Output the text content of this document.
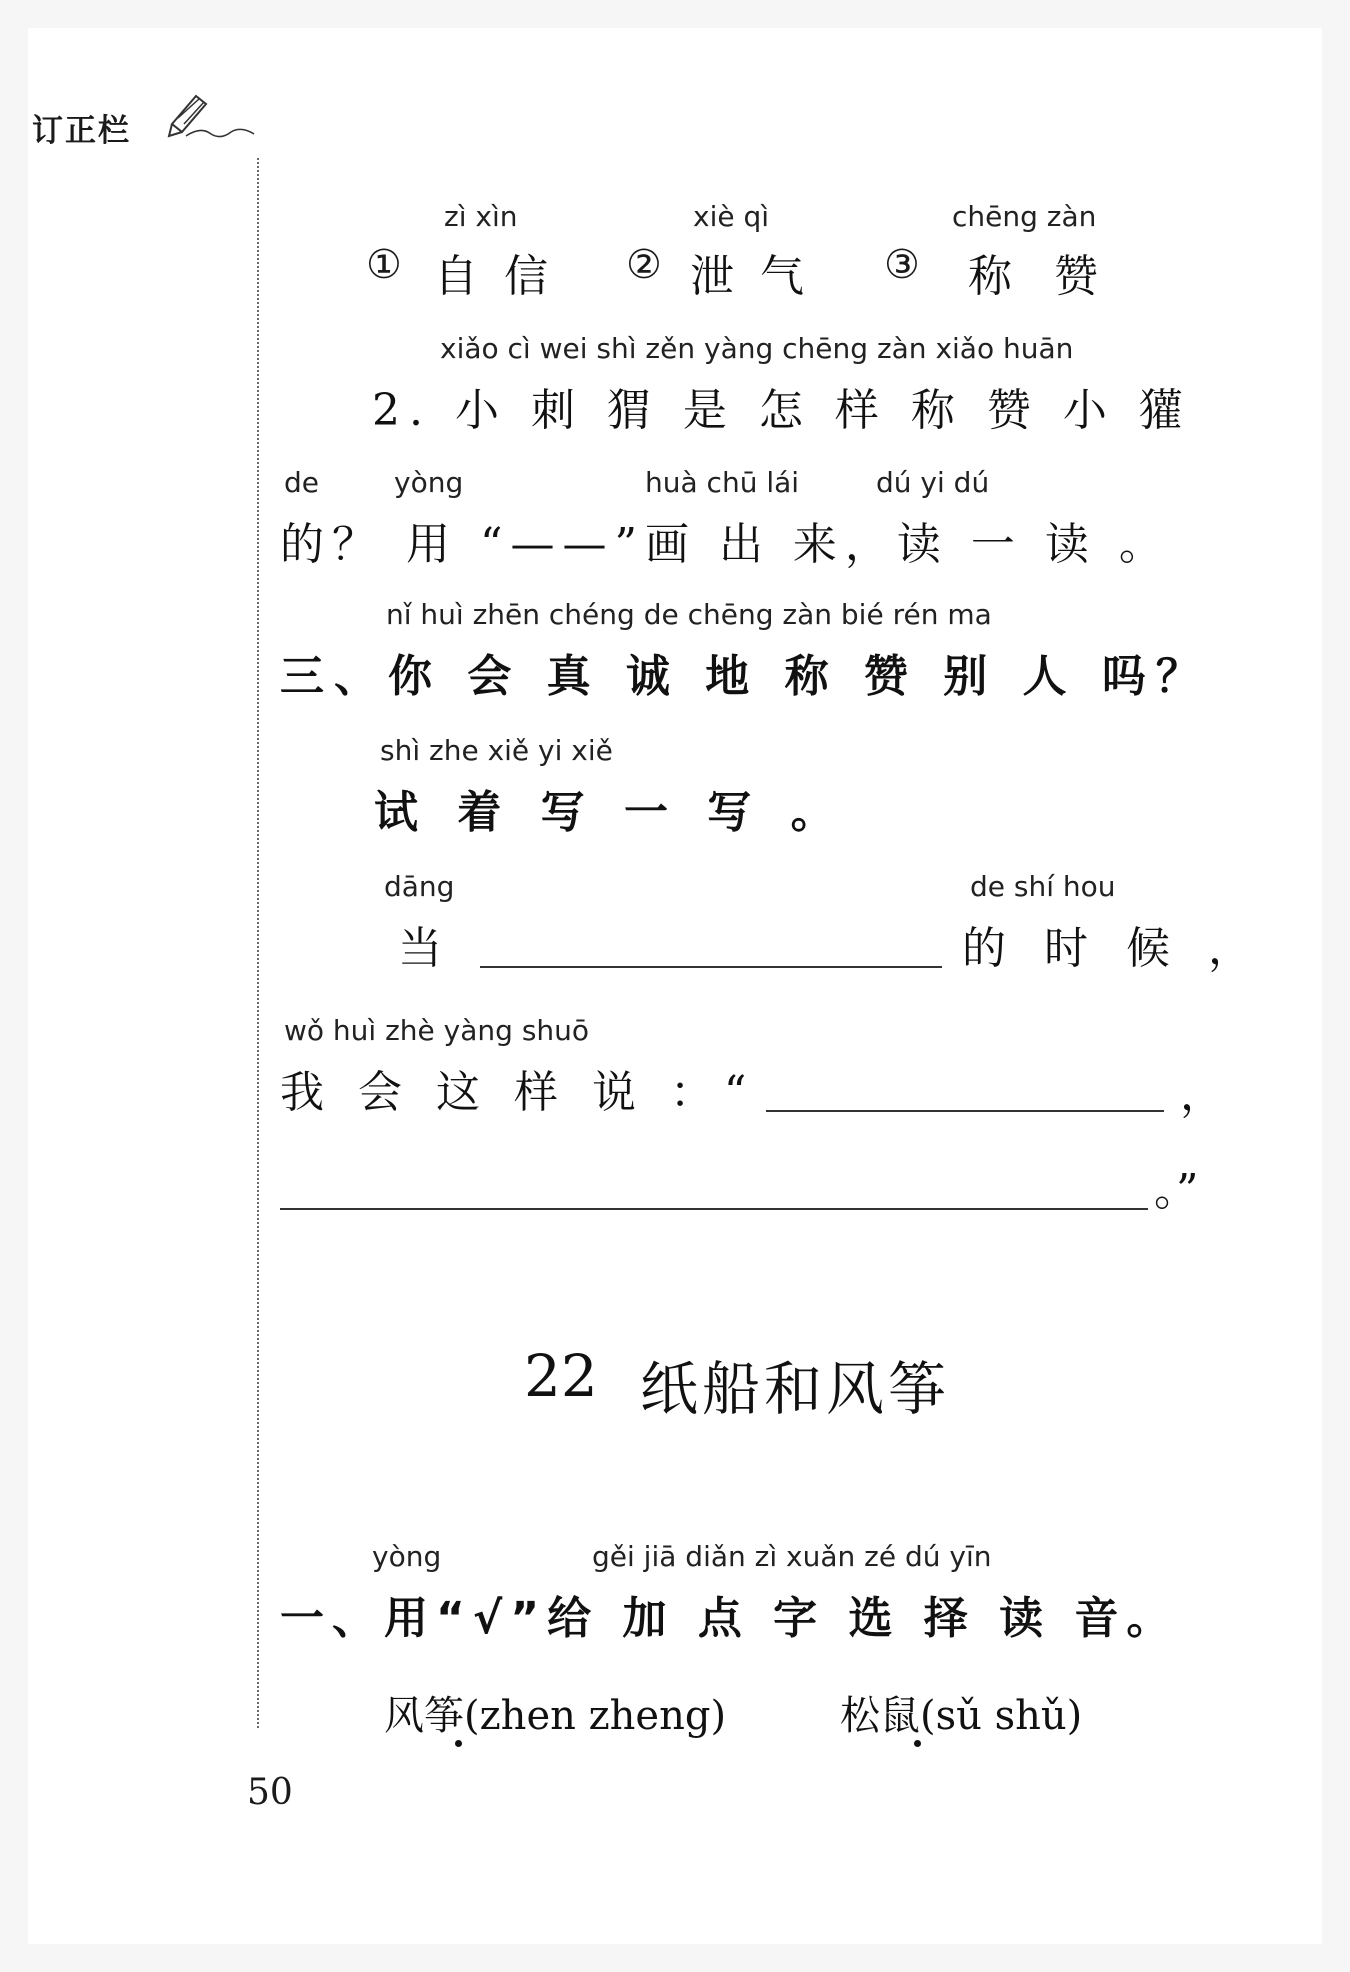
订正栏
zì xìn
① 自 信
xiè qì
② 泄 气
chēng zàn
③ 称 赞
xiǎo cì wei shì zěn yàng chēng zàn xiǎo huān
2. 小 刺 猬 是 怎 样 称 赞 小 獾
de	yòng	huà chū lái	dú yi dú
的？ 用 “——”画 出 来，读 一 读 。
nǐ huì zhēn chéng de chēng zàn bié rén ma
三、你 会 真 诚 地 称 赞 别 人 吗？
shì zhe xiě yi xiě
试 着 写 一 写 。
dāng	de shí hou
当	的 时 候 ，
wǒ huì zhè yàng shuō
我 会 这 样 说 ：“	，
。”
22 纸船和风筝
yòng	gěi jiā diǎn zì xuǎn zé dú yīn
一、用“√”给 加 点 字 选 择 读 音。
风筝(zhen zheng)	松鼠(sǔ shǔ)
50
